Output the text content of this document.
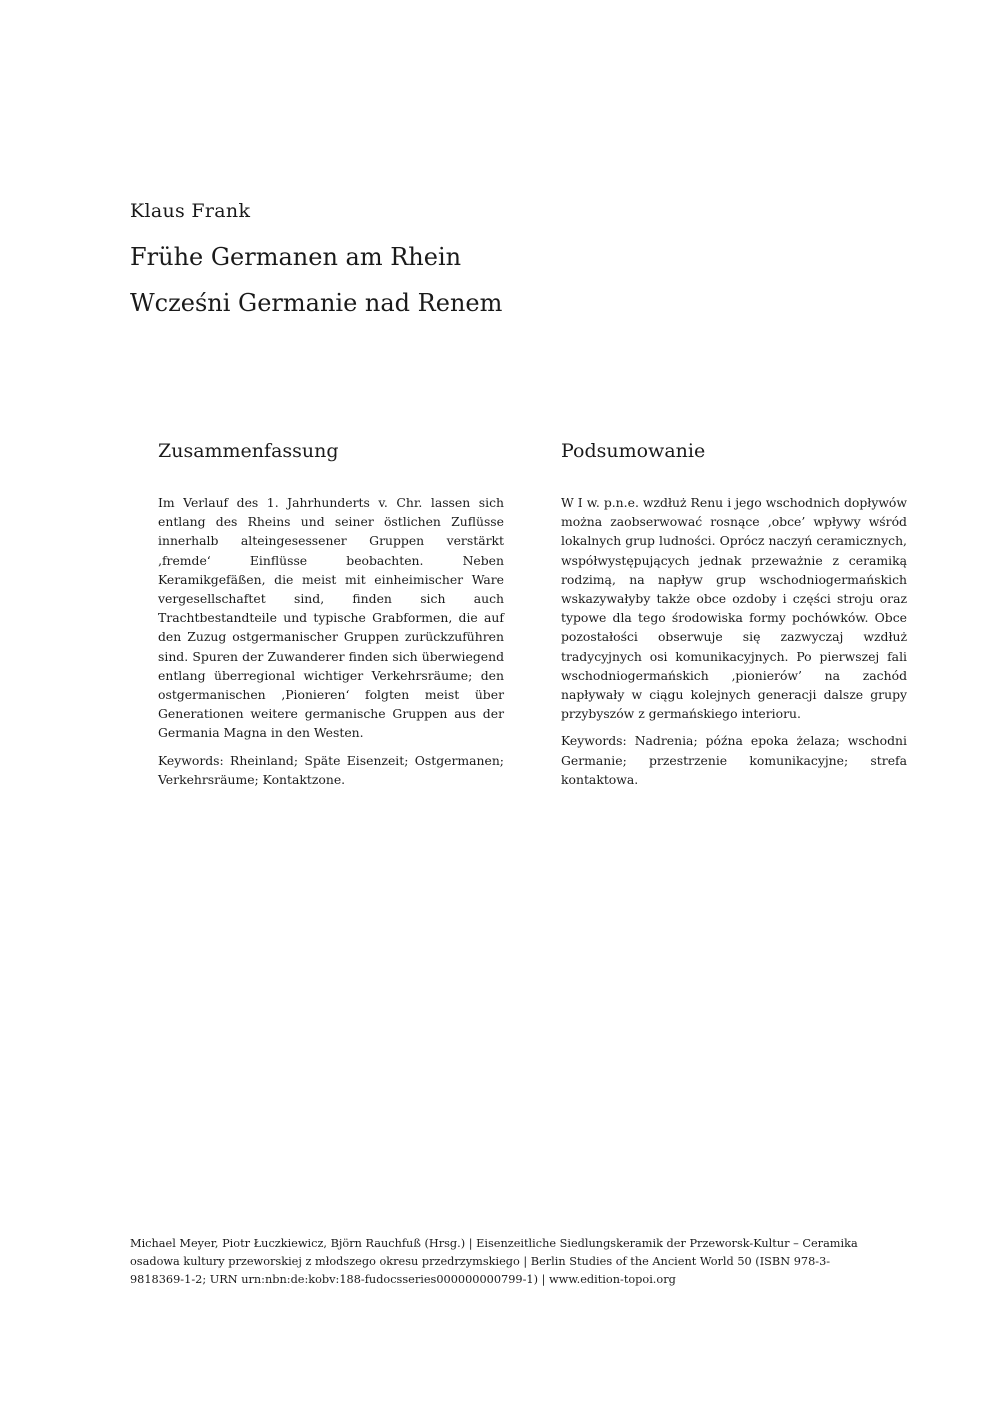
Klaus Frank

Frühe Germanen am Rhein
Wcześni Germanie nad Renem
Zusammenfassung

Im Verlauf des 1. Jahrhunderts v. Chr. lassen sich entlang des Rheins und seiner östlichen Zuflüsse innerhalb alteingesessener Gruppen verstärkt ‚fremde‘ Einflüsse beobachten. Neben Keramikgefäßen, die meist mit einheimischer Ware vergesellschaftet sind, finden sich auch Trachtbestandteile und typische Grabformen, die auf den Zuzug ostgermanischer Gruppen zurückzuführen sind. Spuren der Zuwanderer finden sich überwiegend entlang überregional wichtiger Verkehrsräume; den ostgermanischen ‚Pionieren‘ folgten meist über Generationen weitere germanische Gruppen aus der Germania Magna in den Westen.

Keywords: Rheinland; Späte Eisenzeit; Ostgermanen; Verkehrsräume; Kontaktzone.

Podsumowanie

W I w. p.n.e. wzdłuż Renu i jego wschodnich dopływów można zaobserwować rosnące ‚obce’ wpływy wśród lokalnych grup ludności. Oprócz naczyń ceramicznych, współwystępujących jednak przeważnie z ceramiką rodzimą, na napływ grup wschodniogermańskich wskazywałyby także obce ozdoby i części stroju oraz typowe dla tego środowiska formy pochówków. Obce pozostałości obserwuje się zazwyczaj wzdłuż tradycyjnych osi komunikacyjnych. Po pierwszej fali wschodniogermańskich ‚pionierów’ na zachód napływały w ciągu kolejnych generacji dalsze grupy przybyszów z germańskiego interioru.

Keywords: Nadrenia; późna epoka żelaza; wschodni Germanie; przestrzenie komunikacyjne; strefa kontaktowa.

Michael Meyer, Piotr Łuczkiewicz, Björn Rauchfuß (Hrsg.) | Eisenzeitliche Siedlungskeramik der Przeworsk-Kultur – Ceramika osadowa kultury przeworskiej z młodszego okresu przedrzymskiego | Berlin Studies of the Ancient World 50 (ISBN 978-3-9818369-1-2; URN urn:nbn:de:kobv:188-fudocsseries000000000799-1) | www.edition-topoi.org
